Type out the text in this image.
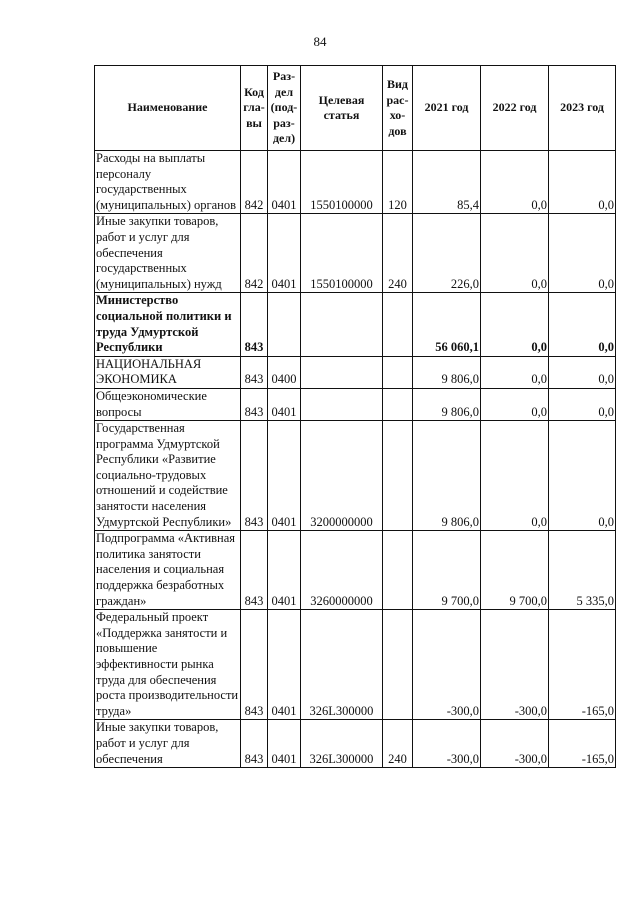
84
Наименование	Код гла-вы	Раз-дел (под-раз-дел)	Целевая статья	Вид рас-хо-дов	2021 год	2022 год	2023 год
Расходы на выплаты персоналу государственных (муниципальных) органов	842	0401	1550100000	120	85,4	0,0	0,0
Иные закупки товаров, работ и услуг для обеспечения государственных (муниципальных) нужд	842	0401	1550100000	240	226,0	0,0	0,0
Министерство социальной политики и труда Удмуртской Республики	843				56 060,1	0,0	0,0
НАЦИОНАЛЬНАЯ ЭКОНОМИКА	843	0400			9 806,0	0,0	0,0
Общеэкономические вопросы	843	0401			9 806,0	0,0	0,0
Государственная программа Удмуртской Республики «Развитие социально-трудовых отношений и содействие занятости населения Удмуртской Республики»	843	0401	3200000000		9 806,0	0,0	0,0
Подпрограмма «Активная политика занятости населения и социальная поддержка безработных граждан»	843	0401	3260000000		9 700,0	9 700,0	5 335,0
Федеральный проект «Поддержка занятости и повышение эффективности рынка труда для обеспечения роста производительности труда»	843	0401	326L300000		-300,0	-300,0	-165,0
Иные закупки товаров, работ и услуг для обеспечения	843	0401	326L300000	240	-300,0	-300,0	-165,0
